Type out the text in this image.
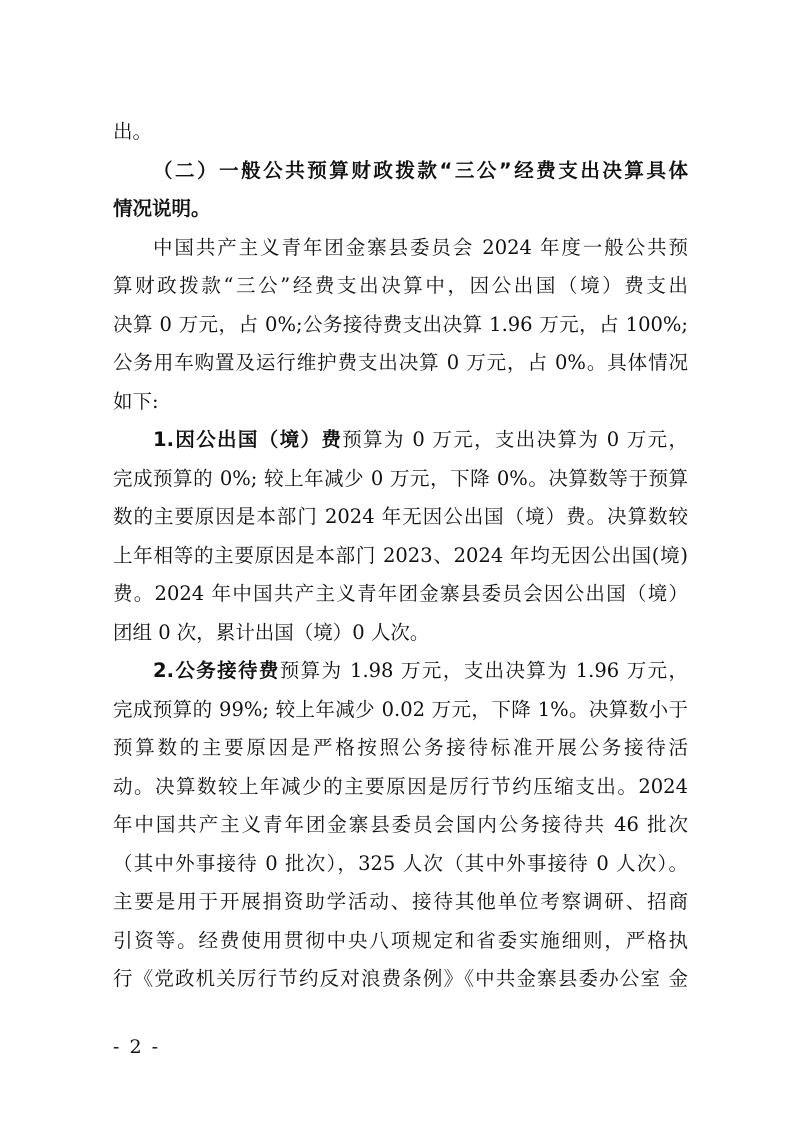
出。
（二）一般公共预算财政拨款“三公”经费支出决算具体
情况说明。
中国共产主义青年团金寨县委员会 2024 年度一般公共预
算财政拨款“三公”经费支出决算中，因公出国（境）费支出
决算 0 万元，占 0%;公务接待费支出决算 1.96 万元，占 100%;
公务用车购置及运行维护费支出决算 0 万元，占 0%。具体情况
如下:
1.因公出国（境）费预算为 0 万元，支出决算为 0 万元，
完成预算的 0%; 较上年减少 0 万元，下降 0%。决算数等于预算
数的主要原因是本部门 2024 年无因公出国（境）费。决算数较
上年相等的主要原因是本部门 2023、2024 年均无因公出国(境)
费。2024 年中国共产主义青年团金寨县委员会因公出国（境）
团组 0 次，累计出国（境）0 人次。
2.公务接待费预算为 1.98 万元，支出决算为 1.96 万元，
完成预算的 99%; 较上年减少 0.02 万元，下降 1%。决算数小于
预算数的主要原因是严格按照公务接待标准开展公务接待活
动。决算数较上年减少的主要原因是厉行节约压缩支出。2024
年中国共产主义青年团金寨县委员会国内公务接待共 46 批次
（其中外事接待 0 批次），325 人次（其中外事接待 0 人次）。
主要是用于开展捐资助学活动、接待其他单位考察调研、招商
引资等。经费使用贯彻中央八项规定和省委实施细则，严格执
行《党政机关厉行节约反对浪费条例》《中共金寨县委办公室 金
- 2 -
